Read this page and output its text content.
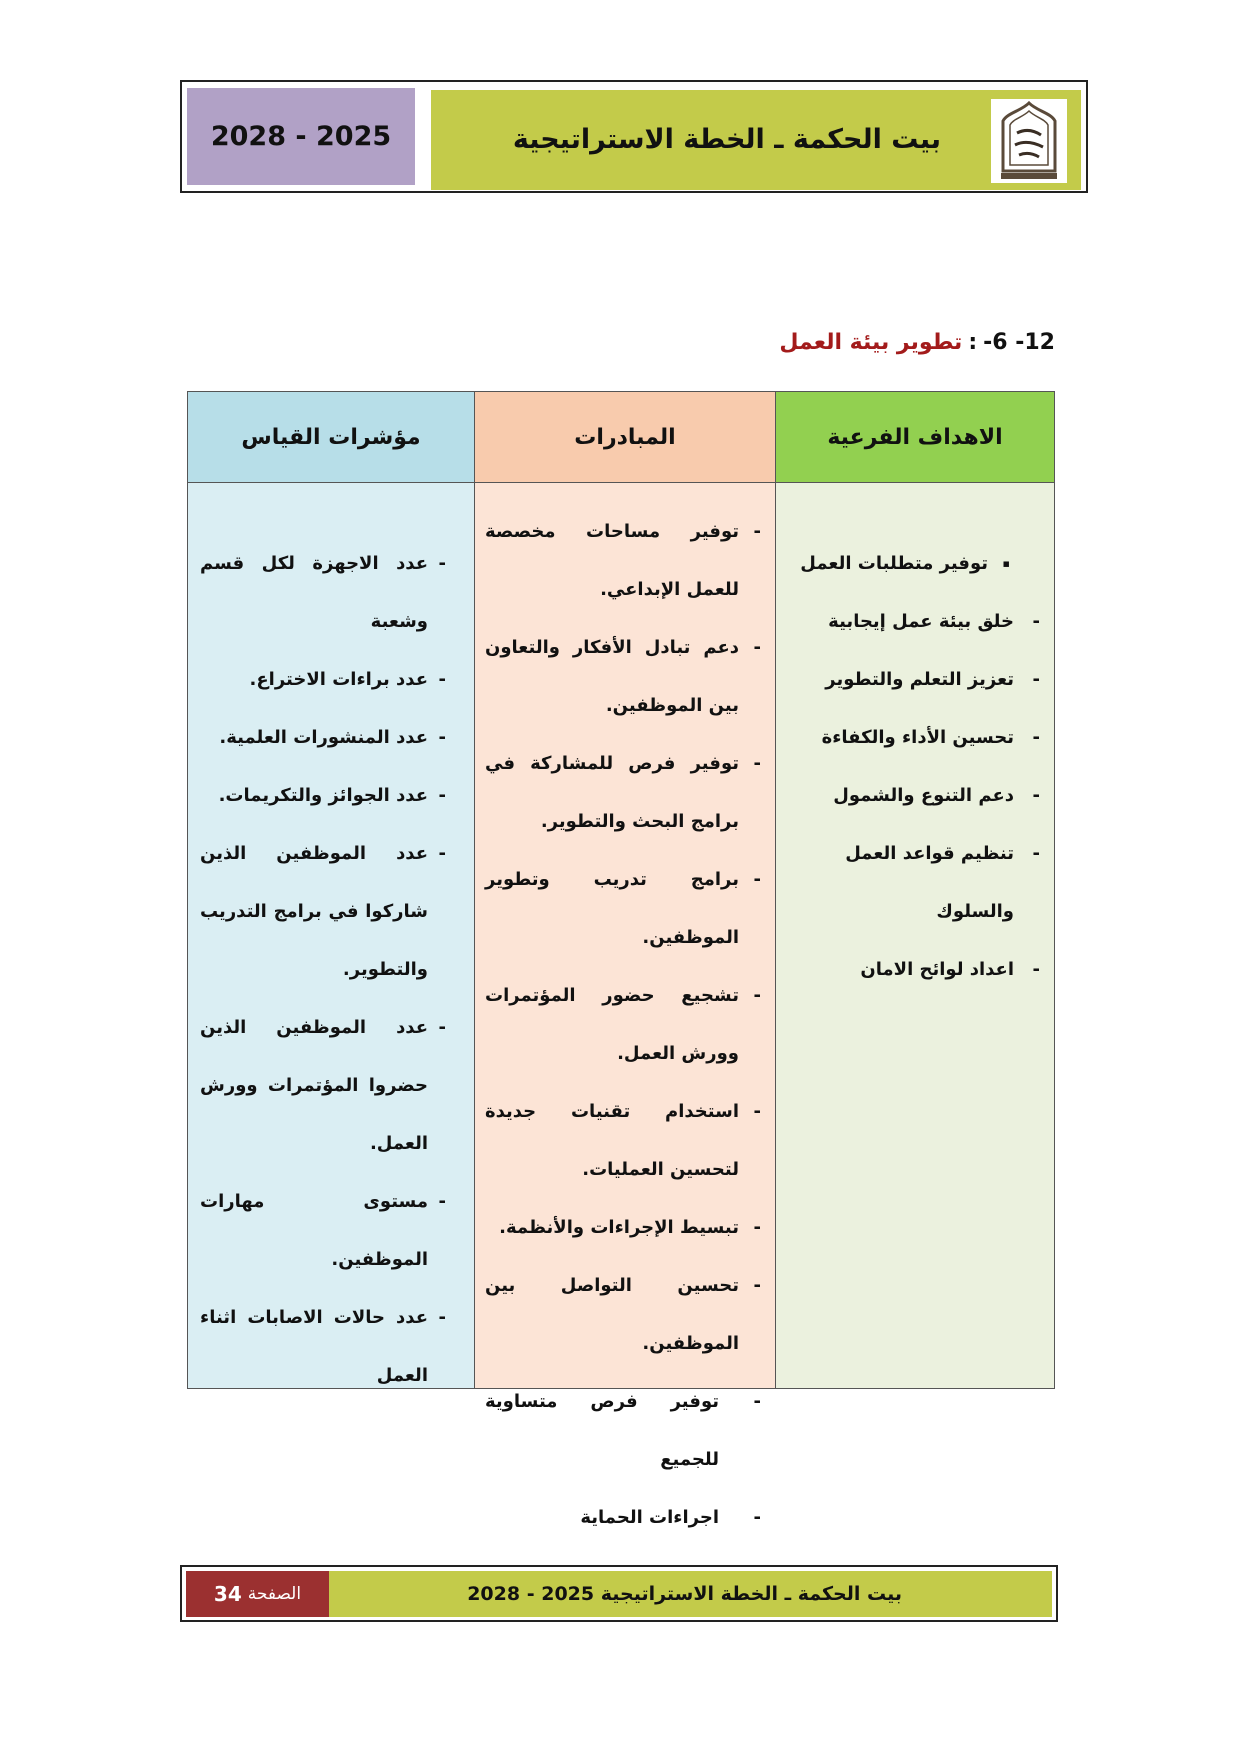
2028 - 2025	بيت الحكمة ـ الخطة الاستراتيجية
12- 6-:تطوير بيئة العمل
الاهداف الفرعية
▪
توفير متطلبات العمل
-
خلق بيئة عمل إيجابية
-
تعزيز التعلم والتطوير
-
تحسين الأداء والكفاءة
-
دعم التنوع والشمول
-
تنظيم قواعد العمل والسلوك
-
اعداد لوائح الامان
المبادرات
-
توفير مساحات مخصصة للعمل الإبداعي.
-
دعم تبادل الأفكار والتعاون بين الموظفين.
-
توفير فرص للمشاركة في برامج البحث والتطوير.
-
برامج تدريب وتطوير الموظفين.
-
تشجيع حضور المؤتمرات وورش العمل.
-
استخدام تقنيات جديدة لتحسين العمليات.
-
تبسيط الإجراءات والأنظمة.
-
تحسين التواصل بين الموظفين.
-
توفير فرص متساوية للجميع
-
اجراءات الحماية
مؤشرات القياس
-
عدد الاجهزة لكل قسم وشعبة
-
عدد براءات الاختراع.
-
عدد المنشورات العلمية.
-
عدد الجوائز والتكريمات.
-
عدد الموظفين الذين شاركوا في برامج التدريب والتطوير.
-
عدد الموظفين الذين حضروا المؤتمرات وورش العمل.
-
مستوى مهارات الموظفين.
-
عدد حالات الاصابات اثناء العمل
بيت الحكمة ـ الخطة الاستراتيجية 2025 - 2028
الصفحة
34
